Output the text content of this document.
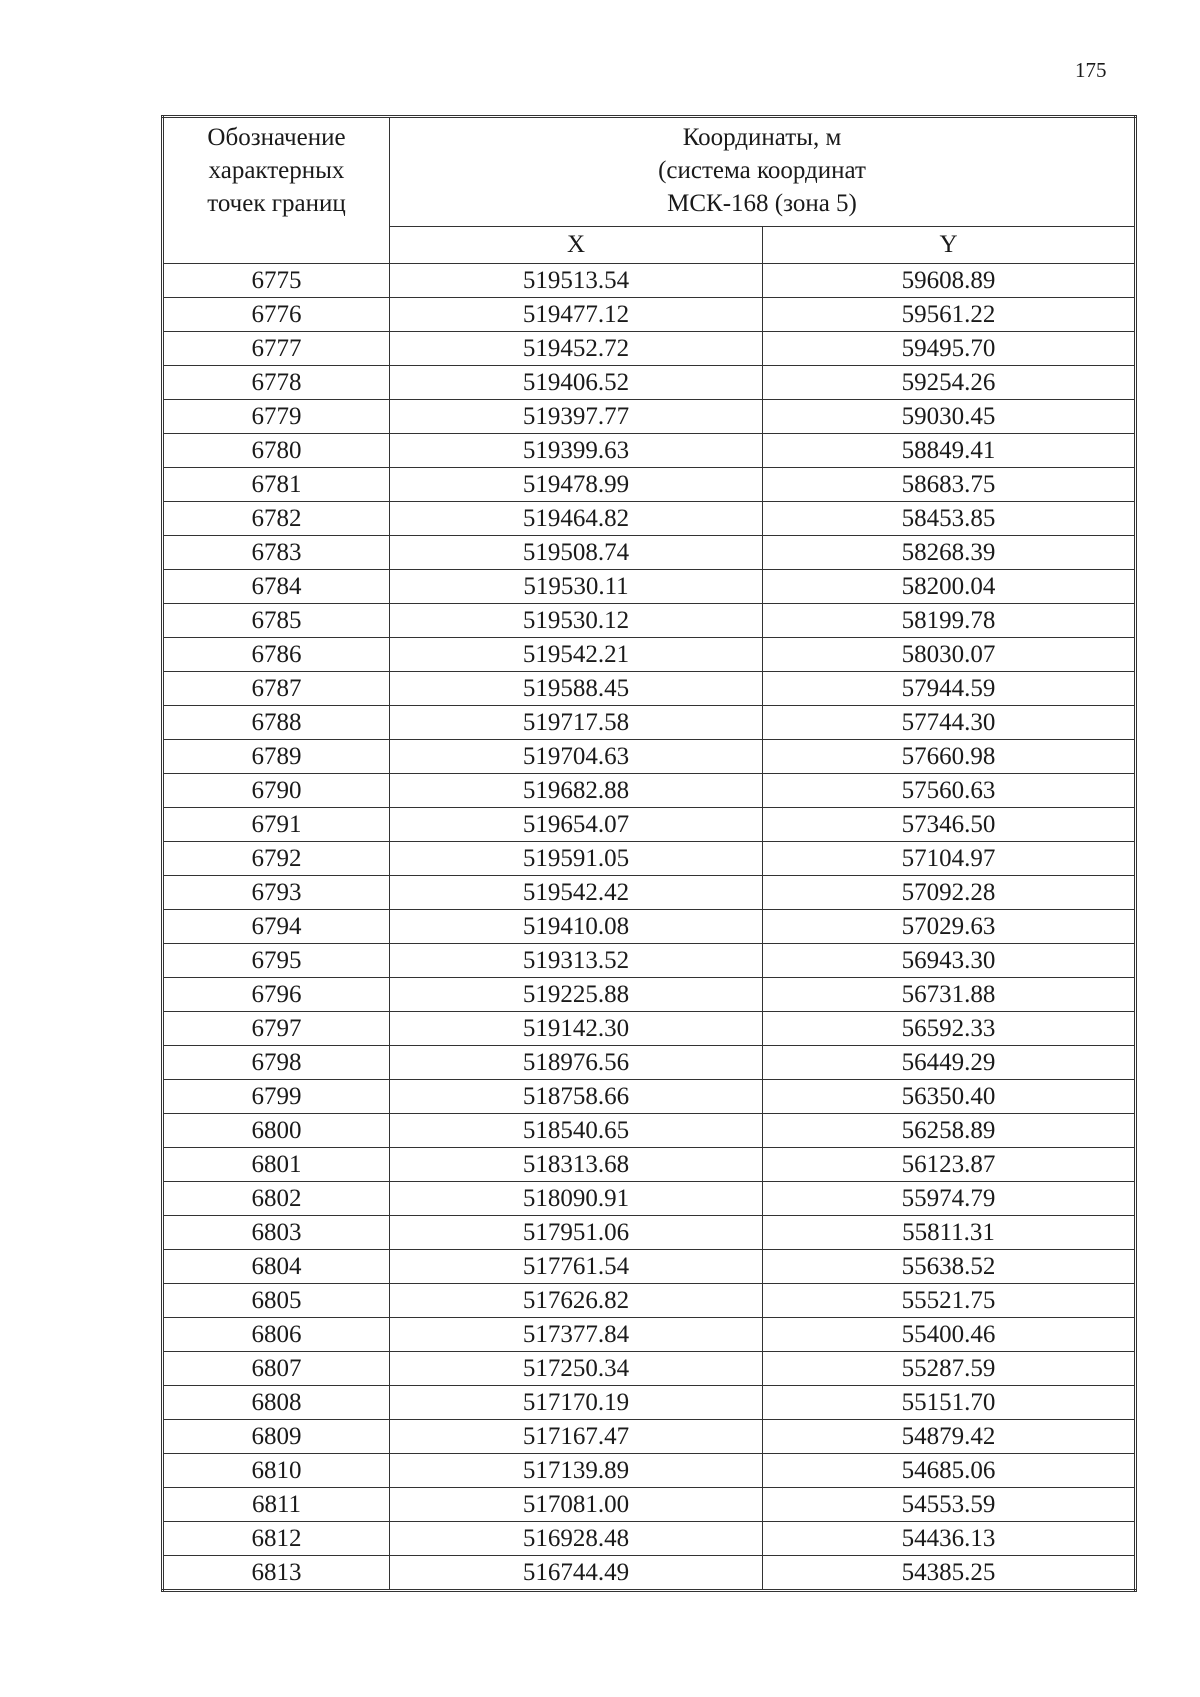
175
Обозначение
характерных
точек границ	Координаты, м
(система координат
МСК-168 (зона 5)	

	X	Y
6775	519513.54	59608.89
6776	519477.12	59561.22
6777	519452.72	59495.70
6778	519406.52	59254.26
6779	519397.77	59030.45
6780	519399.63	58849.41
6781	519478.99	58683.75
6782	519464.82	58453.85
6783	519508.74	58268.39
6784	519530.11	58200.04
6785	519530.12	58199.78
6786	519542.21	58030.07
6787	519588.45	57944.59
6788	519717.58	57744.30
6789	519704.63	57660.98
6790	519682.88	57560.63
6791	519654.07	57346.50
6792	519591.05	57104.97
6793	519542.42	57092.28
6794	519410.08	57029.63
6795	519313.52	56943.30
6796	519225.88	56731.88
6797	519142.30	56592.33
6798	518976.56	56449.29
6799	518758.66	56350.40
6800	518540.65	56258.89
6801	518313.68	56123.87
6802	518090.91	55974.79
6803	517951.06	55811.31
6804	517761.54	55638.52
6805	517626.82	55521.75
6806	517377.84	55400.46
6807	517250.34	55287.59
6808	517170.19	55151.70
6809	517167.47	54879.42
6810	517139.89	54685.06
6811	517081.00	54553.59
6812	516928.48	54436.13
6813	516744.49	54385.25
